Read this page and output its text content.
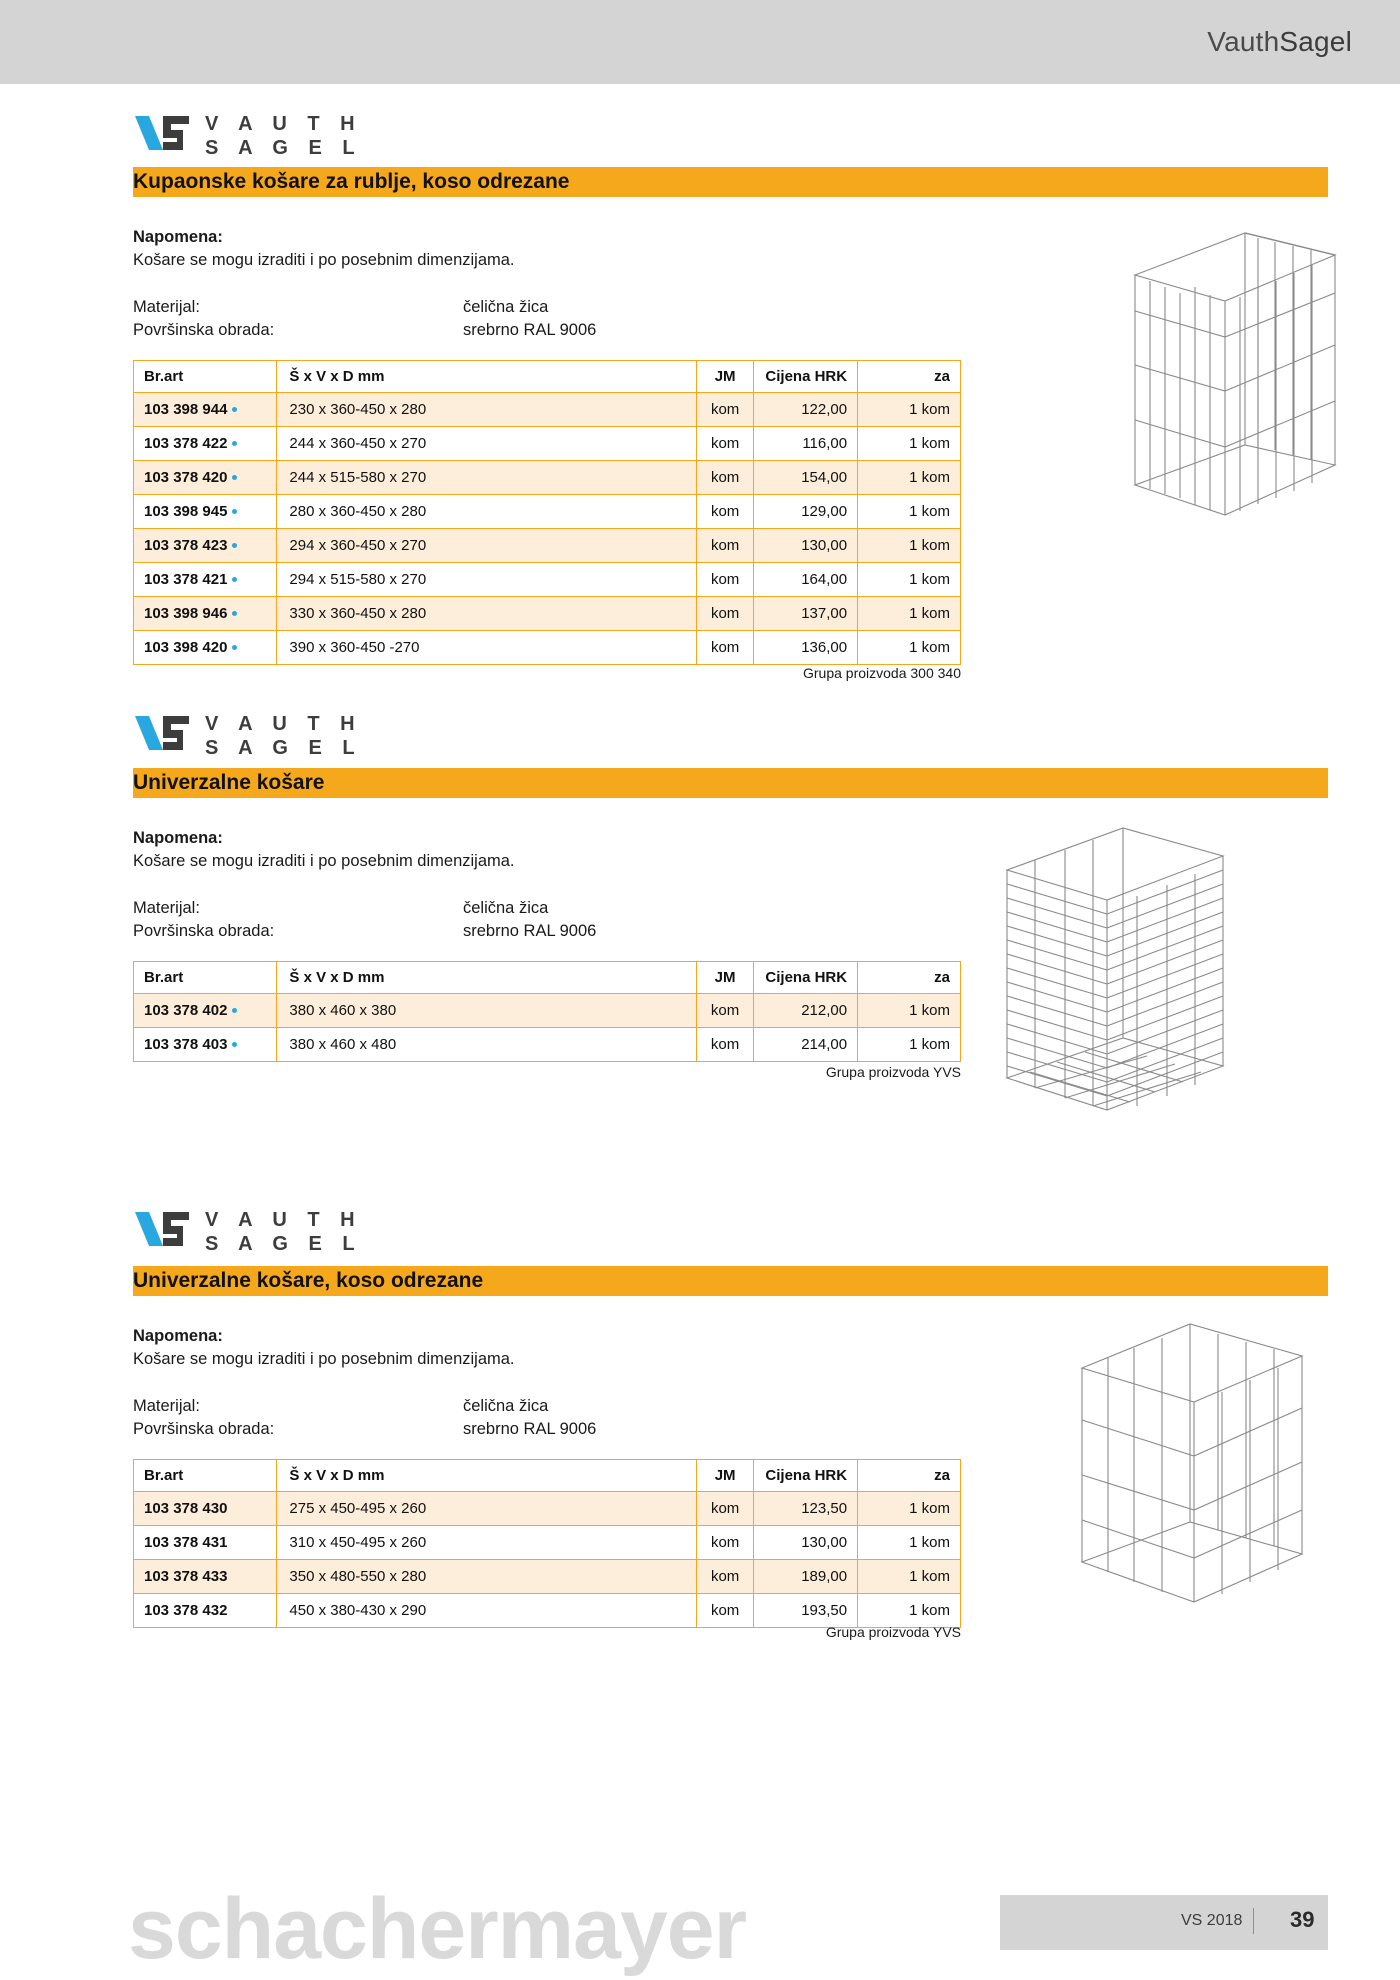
VauthSagel
V A U T H
S A G E L
Kupaonske košare za rublje, koso odrezane
Napomena:
Košare se mogu izraditi i po posebnim dimenzijama.
Materijal:	čelična žica
Površinska obrada:	srebrno RAL 9006
Br.art	Š x V x D mm	JM	Cijena HRK	za
103 398 944	230 x 360-450 x 280	kom	122,00	1 kom
103 378 422	244 x 360-450 x 270	kom	116,00	1 kom
103 378 420	244 x 515-580 x 270	kom	154,00	1 kom
103 398 945	280 x 360-450 x 280	kom	129,00	1 kom
103 378 423	294 x 360-450 x 270	kom	130,00	1 kom
103 378 421	294 x 515-580 x 270	kom	164,00	1 kom
103 398 946	330 x 360-450 x 280	kom	137,00	1 kom
103 398 420	390 x 360-450 -270	kom	136,00	1 kom
Grupa proizvoda 300 340
V A U T H
S A G E L
Univerzalne košare
Napomena:
Košare se mogu izraditi i po posebnim dimenzijama.
Materijal:	čelična žica
Površinska obrada:	srebrno RAL 9006
Br.art	Š x V x D mm	JM	Cijena HRK	za
103 378 402	380 x 460 x 380	kom	212,00	1 kom
103 378 403	380 x 460 x 480	kom	214,00	1 kom
Grupa proizvoda YVS
V A U T H
S A G E L
Univerzalne košare, koso odrezane
Napomena:
Košare se mogu izraditi i po posebnim dimenzijama.
Materijal:	čelična žica
Površinska obrada:	srebrno RAL 9006
Br.art	Š x V x D mm	JM	Cijena HRK	za
103 378 430	275 x 450-495 x 260	kom	123,50	1 kom
103 378 431	310 x 450-495 x 260	kom	130,00	1 kom
103 378 433	350 x 480-550 x 280	kom	189,00	1 kom
103 378 432	450 x 380-430 x 290	kom	193,50	1 kom
Grupa proizvoda YVS
schachermayer	VS 2018 39
